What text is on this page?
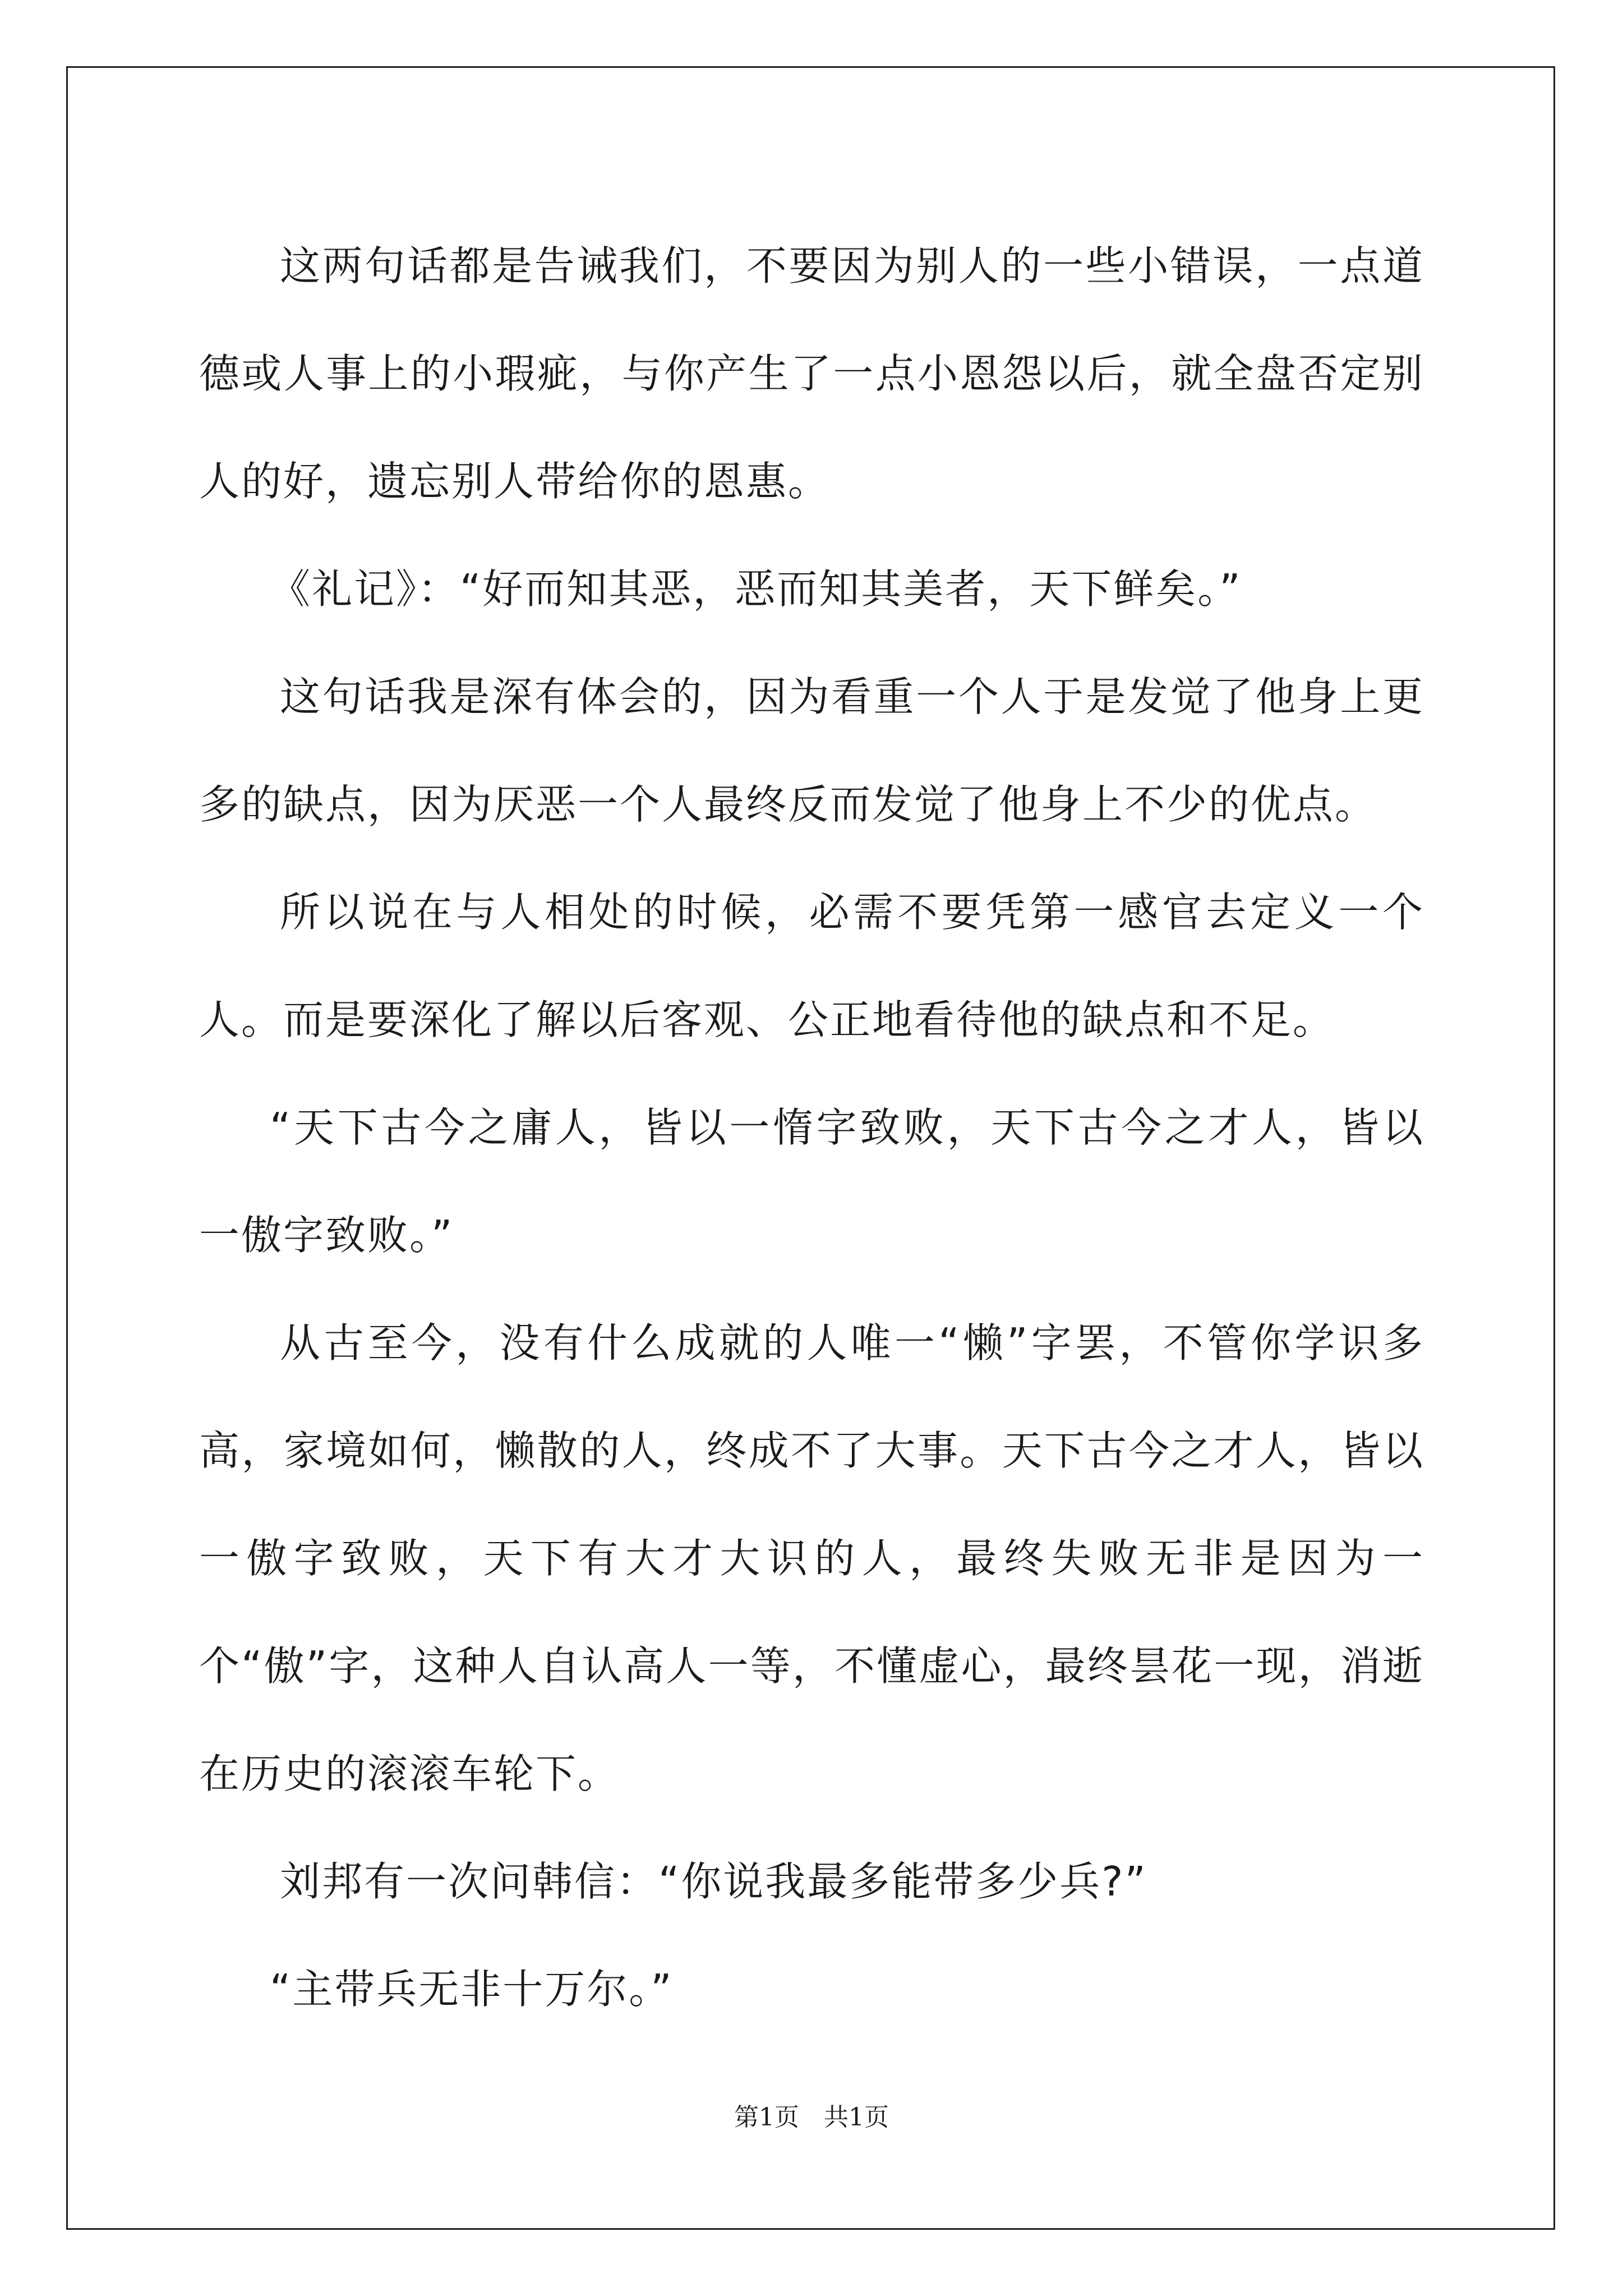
这两句话都是告诫我们，不要因为别人的一些小错误，一点道德或人事上的小瑕疵，与你产生了一点小恩怨以后，就全盘否定别人的好，遗忘别人带给你的恩惠。

《礼记》：“好而知其恶，恶而知其美者，天下鲜矣。”

这句话我是深有体会的，因为看重一个人于是发觉了他身上更多的缺点，因为厌恶一个人最终反而发觉了他身上不少的优点。

所以说在与人相处的时候，必需不要凭第一感官去定义一个人。而是要深化了解以后客观、公正地看待他的缺点和不足。

“天下古今之庸人，皆以一惰字致败，天下古今之才人，皆以一傲字致败。”

从古至今，没有什么成就的人唯一“懒”字罢，不管你学识多高，家境如何，懒散的人，终成不了大事。天下古今之才人，皆以一傲字致败，天下有大才大识的人，最终失败无非是因为一个“傲”字，这种人自认高人一等，不懂虚心，最终昙花一现，消逝在历史的滚滚车轮下。

刘邦有一次问韩信：“你说我最多能带多少兵?”

“主带兵无非十万尔。”

第1页　共1页
